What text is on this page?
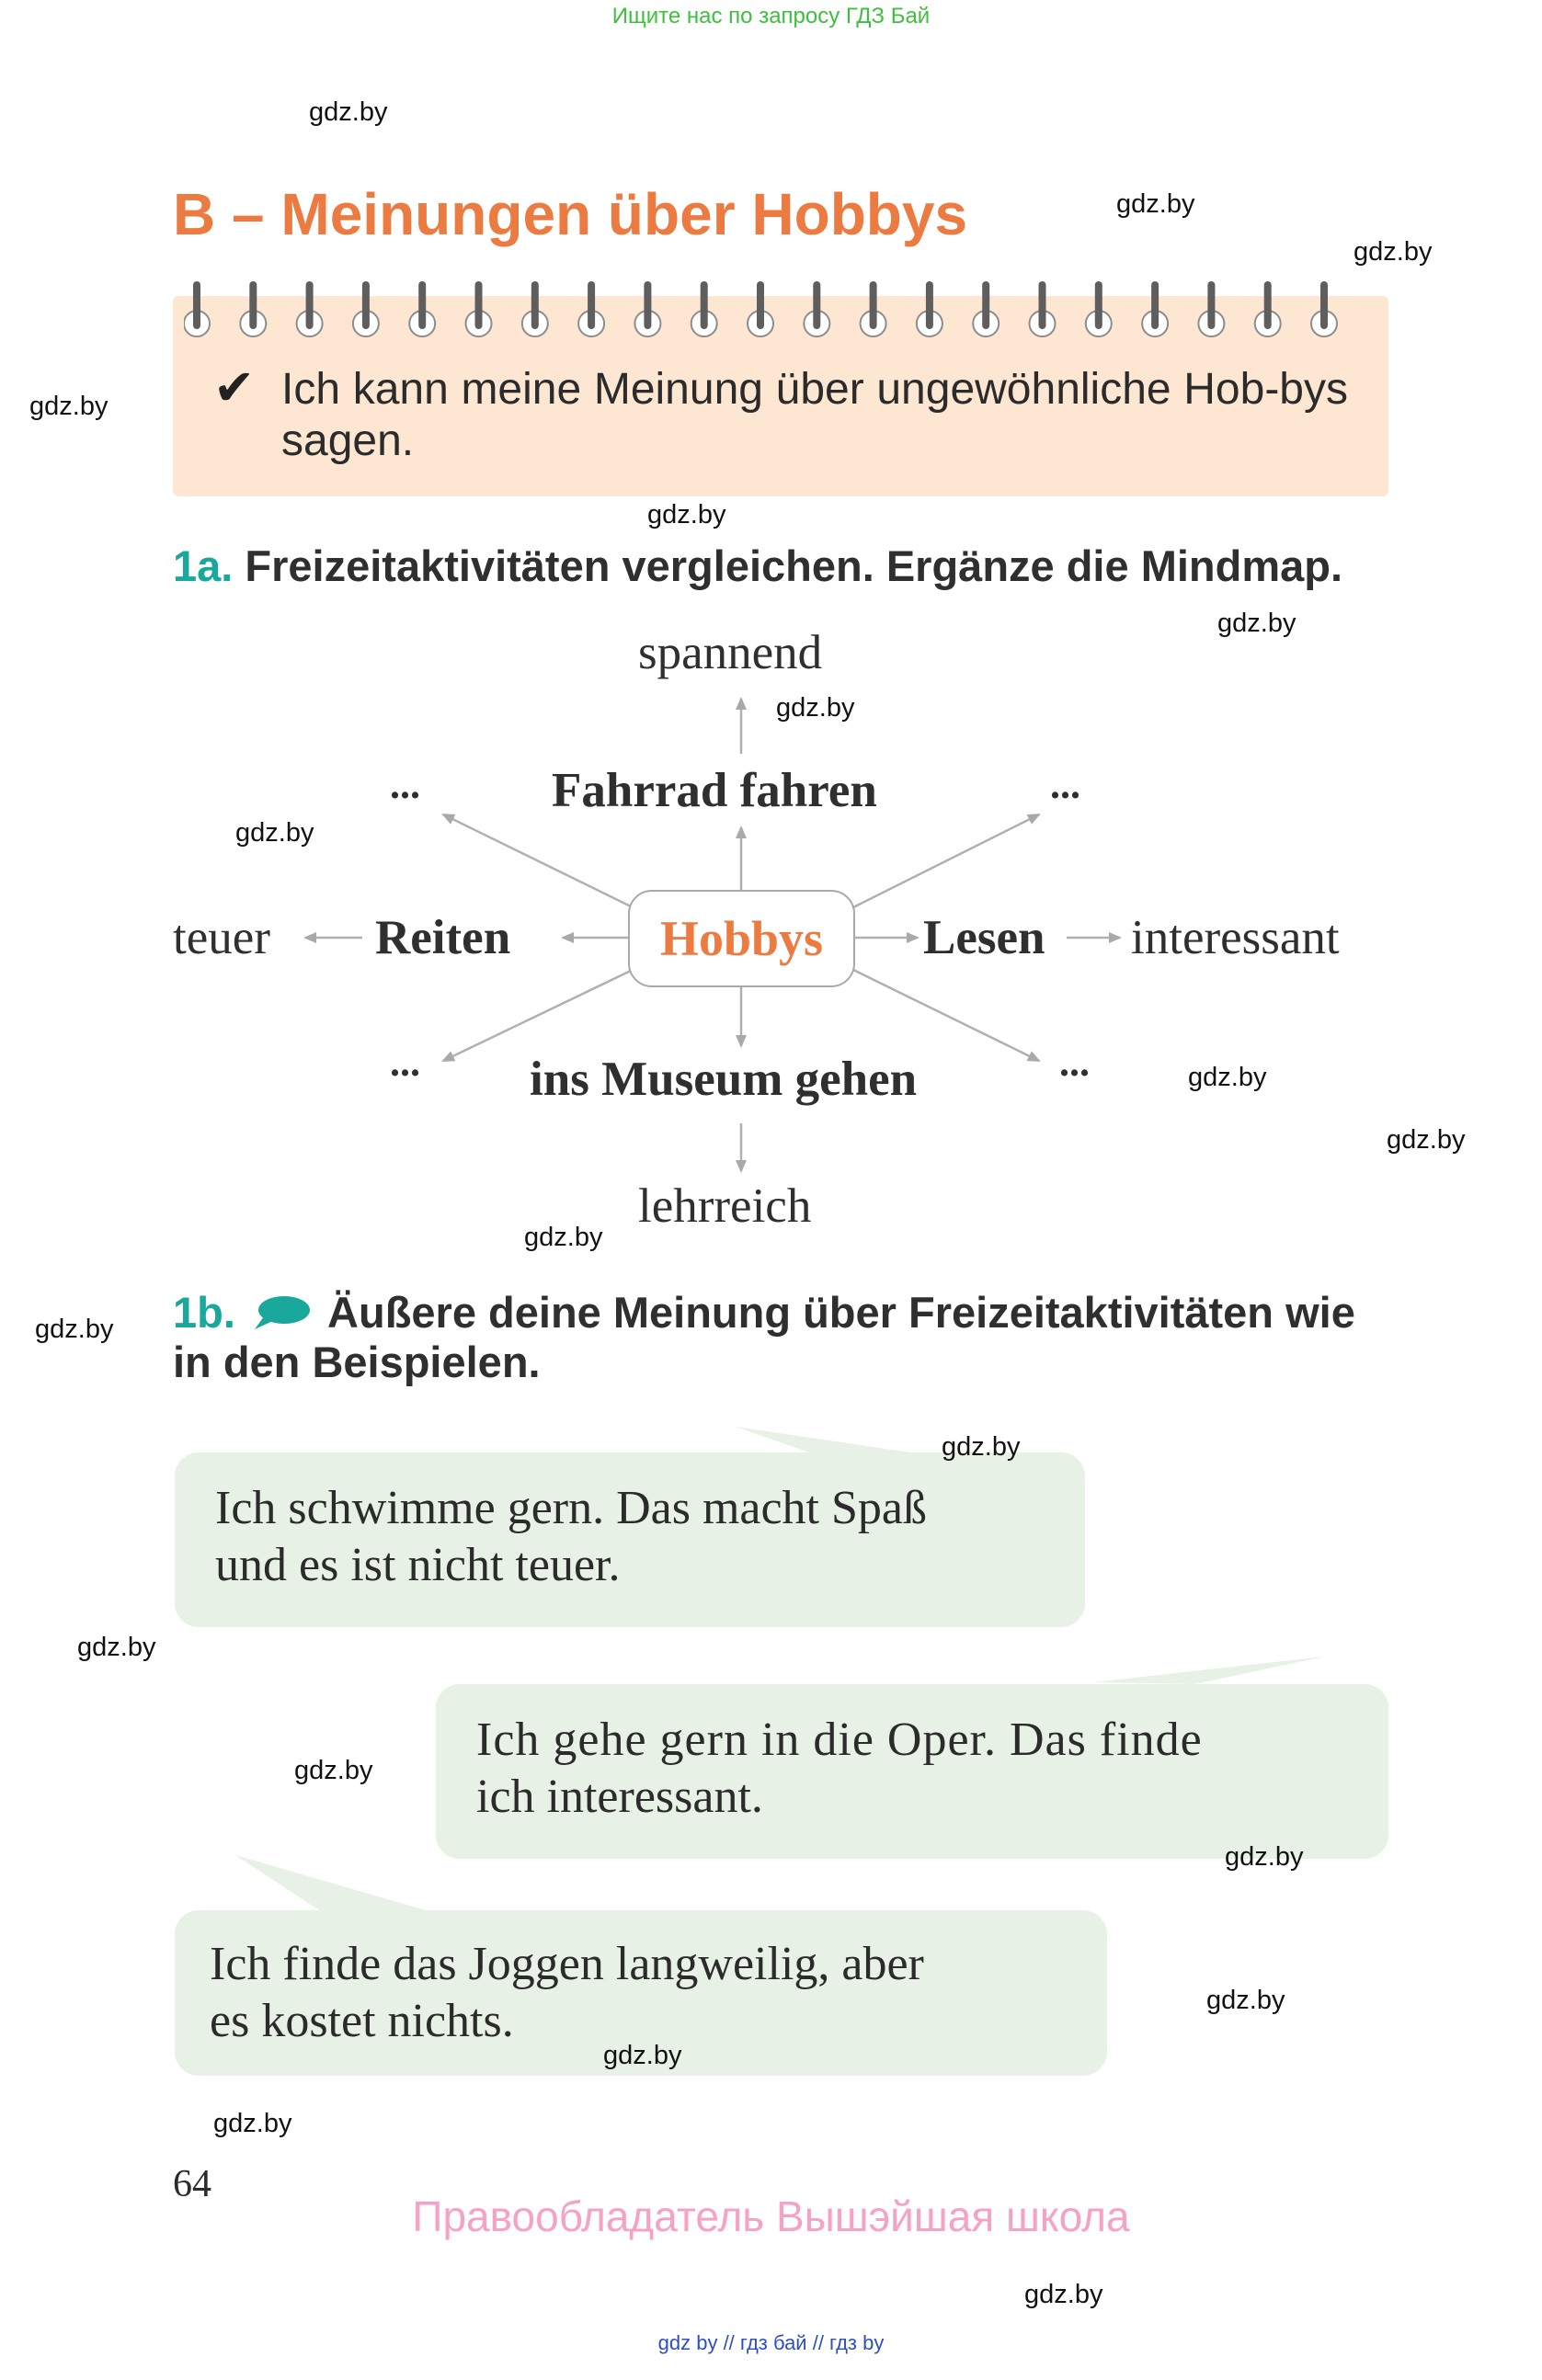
Ищите нас по запросу ГДЗ Бай
B – Meinungen über Hobbys
✔ Ich kann meine Meinung über ungewöhnliche Hob-bys sagen.
1a. Freizeitaktivitäten vergleichen. Ergänze die Mindmap.
spannend
Fahrrad fahren
...	...
teuer Reiten	Hobbys	Lesen interessant
... ins Museum gehen	...
lehrreich
1b. Äußere deine Meinung über Freizeitaktivitäten wie
in den Beispielen.
Ich schwimme gern. Das macht Spaß
und es ist nicht teuer.
Ich gehe gern in die Oper. Das finde
ich interessant.
Ich finde das Joggen langweilig, aber
es kostet nichts.
64
Правообладатель Вышэйшая школа
gdz by // гдз бай // гдз by
gdz.by
gdz.by
gdz.by
gdz.by
gdz.by
gdz.by
gdz.by
gdz.by
gdz.by
gdz.by
gdz.by
gdz.by
gdz.by
gdz.by
gdz.by
gdz.by
gdz.by
gdz.by
gdz.by
gdz.by
